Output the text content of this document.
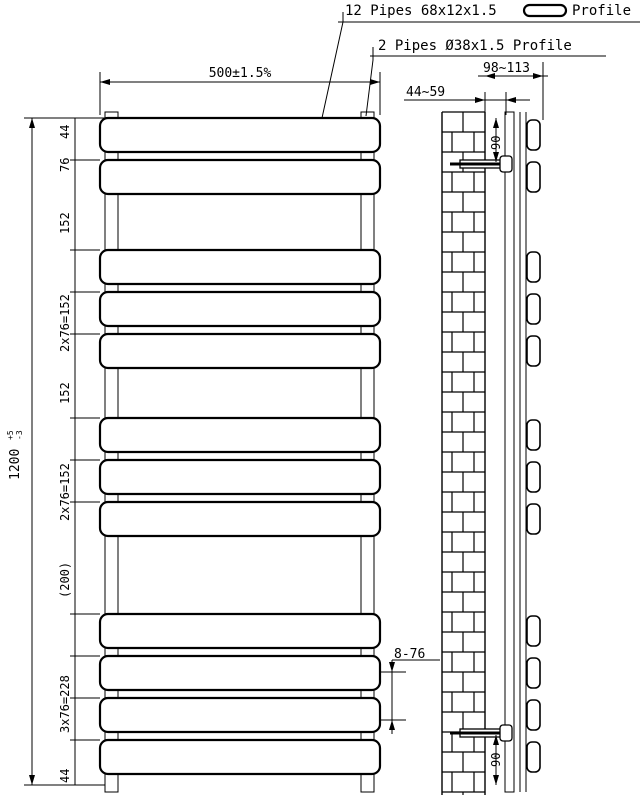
500±1.5%
1200
+5 -3
44
76
152
2x76=152
152
2x76=152
(200)
3x76=228
44
8-76
12 Pipes 68x12x1.5	Profile
2 Pipes Ø38x1.5 Profile
44~59
98~113
90
90
